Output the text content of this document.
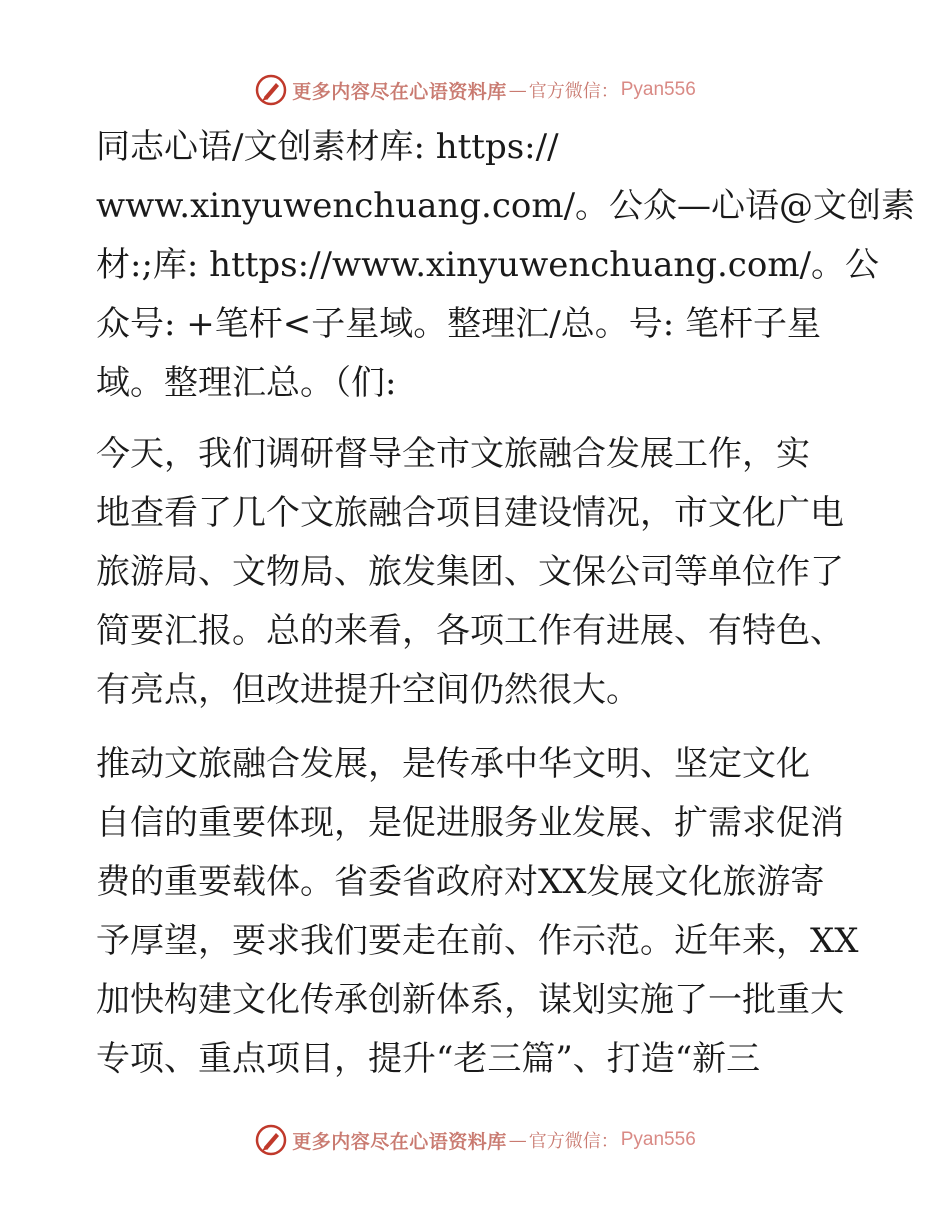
更多内容尽在心语资料库 — 官方微信： Pyan556
同志心语/文创素材库: https://
www.xinyuwenchuang.com/。公众—心语@文创素
材:;库: https://www.xinyuwenchuang.com/。公
众号: +笔杆<子星域。整理汇/总。号: 笔杆子星
域。整理汇总。（们:
今天，我们调研督导全市文旅融合发展工作，实
地查看了几个文旅融合项目建设情况，市文化广电
旅游局、文物局、旅发集团、文保公司等单位作了
简要汇报。总的来看，各项工作有进展、有特色、
有亮点，但改进提升空间仍然很大。
推动文旅融合发展，是传承中华文明、坚定文化
自信的重要体现，是促进服务业发展、扩需求促消
费的重要载体。省委省政府对XX发展文化旅游寄
予厚望，要求我们要走在前、作示范。近年来，XX
加快构建文化传承创新体系，谋划实施了一批重大
专项、重点项目，提升“老三篇”、打造“新三
更多内容尽在心语资料库 — 官方微信： Pyan556
